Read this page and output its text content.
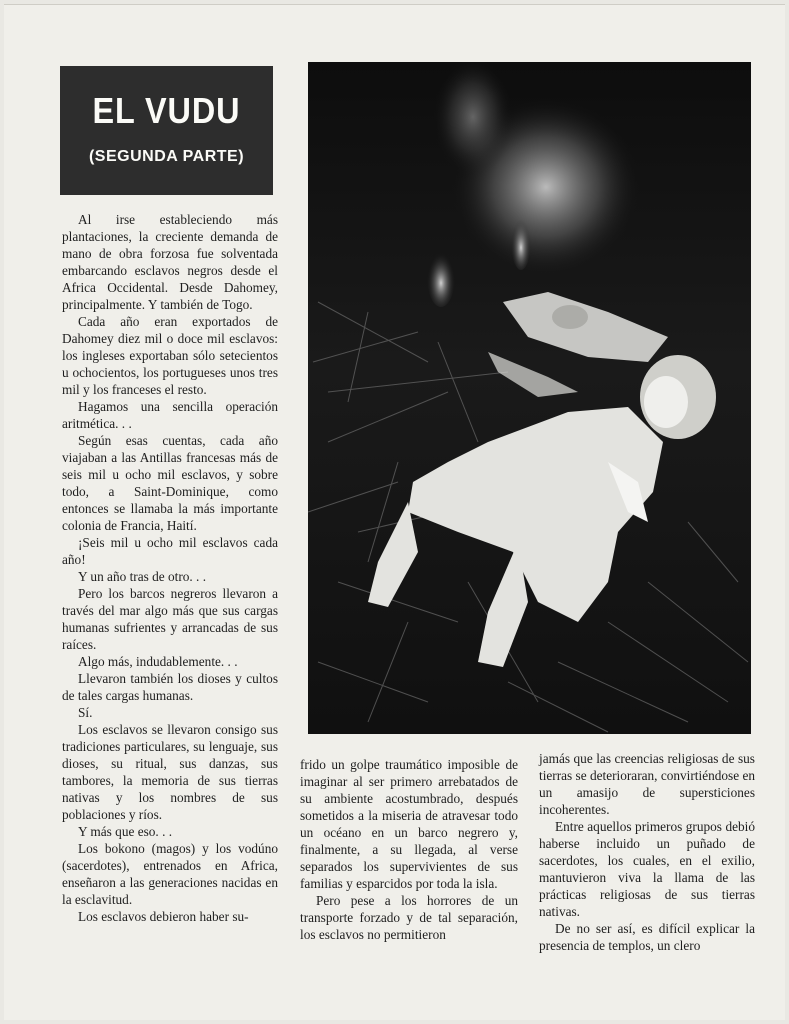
EL VUDU
(SEGUNDA PARTE)

Al irse estableciendo más plantaciones, la creciente demanda de mano de obra forzosa fue solventada embarcando esclavos negros desde el Africa Occidental. Desde Dahomey, principalmente. Y también de Togo.

Cada año eran exportados de Dahomey diez mil o doce mil esclavos: los ingleses exportaban sólo setecientos u ochocientos, los portugueses unos tres mil y los franceses el resto.

Hagamos una sencilla operación aritmética. . .

Según esas cuentas, cada año viajaban a las Antillas francesas más de seis mil u ocho mil esclavos, y sobre todo, a Saint-Dominique, como entonces se llamaba la más importante colonia de Francia, Haití.

¡Seis mil u ocho mil esclavos cada año!

Y un año tras de otro. . .

Pero los barcos negreros llevaron a través del mar algo más que sus cargas humanas sufrientes y arrancadas de sus raíces.

Algo más, indudablemente. . .

Llevaron también los dioses y cultos de tales cargas humanas.

Sí.

Los esclavos se llevaron consigo sus tradiciones particulares, su lenguaje, sus dioses, su ritual, sus danzas, sus tambores, la memoria de sus tierras nativas y los nombres de sus poblaciones y ríos.

Y más que eso. . .

Los bokono (magos) y los vodúno (sacerdotes), entrenados en Africa, enseñaron a las generaciones nacidas en la esclavitud.

Los esclavos debieron haber su-

frido un golpe traumático imposible de imaginar al ser primero arrebatados de su ambiente acostumbrado, después sometidos a la miseria de atravesar todo un océano en un barco negrero y, finalmente, a su llegada, al verse separados los supervivientes de sus familias y esparcidos por toda la isla.

Pero pese a los horrores de un transporte forzado y de tal separación, los esclavos no permitieron

jamás que las creencias religiosas de sus tierras se deterioraran, convirtiéndose en un amasijo de supersticiones incoherentes.

Entre aquellos primeros grupos debió haberse incluido un puñado de sacerdotes, los cuales, en el exilio, mantuvieron viva la llama de las prácticas religiosas de sus tierras nativas.

De no ser así, es difícil explicar la presencia de templos, un clero
